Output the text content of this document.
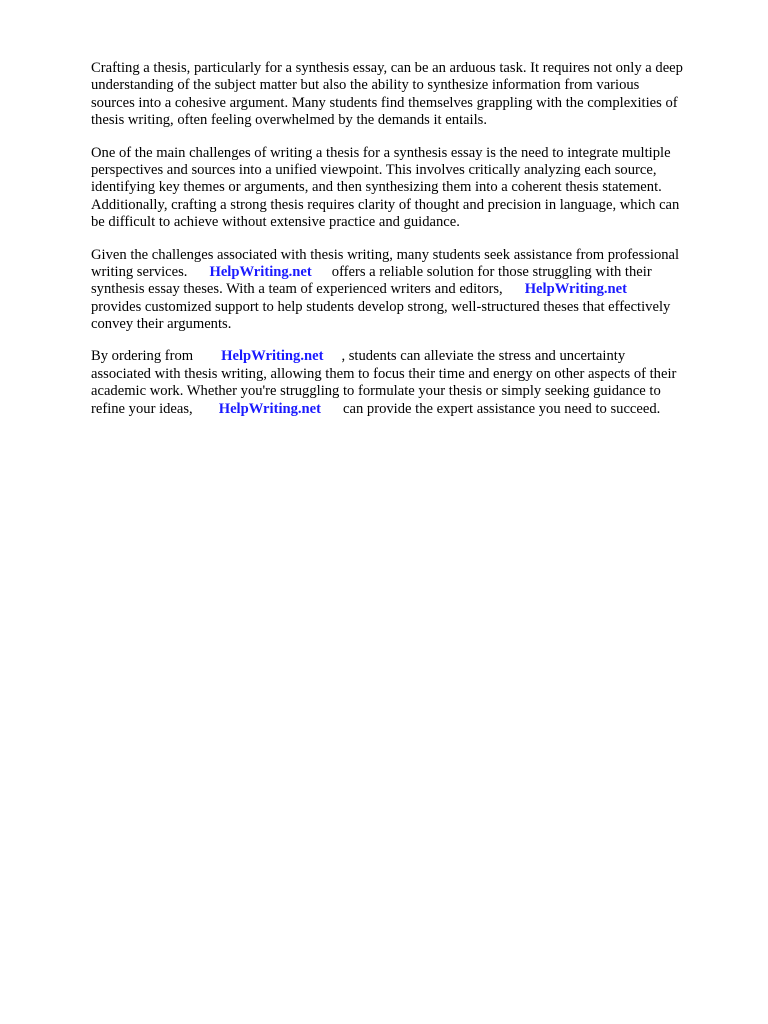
Crafting a thesis, particularly for a synthesis essay, can be an arduous task. It requires not only a deep
understanding of the subject matter but also the ability to synthesize information from various
sources into a cohesive argument. Many students find themselves grappling with the complexities of
thesis writing, often feeling overwhelmed by the demands it entails.

One of the main challenges of writing a thesis for a synthesis essay is the need to integrate multiple
perspectives and sources into a unified viewpoint. This involves critically analyzing each source,
identifying key themes or arguments, and then synthesizing them into a coherent thesis statement.
Additionally, crafting a strong thesis requires clarity of thought and precision in language, which can
be difficult to achieve without extensive practice and guidance.

Given the challenges associated with thesis writing, many students seek assistance from professional
writing services. HelpWriting.net offers a reliable solution for those struggling with their
synthesis essay theses. With a team of experienced writers and editors, HelpWriting.net
provides customized support to help students develop strong, well-structured theses that effectively
convey their arguments.

By ordering from HelpWriting.net , students can alleviate the stress and uncertainty
associated with thesis writing, allowing them to focus their time and energy on other aspects of their
academic work. Whether you're struggling to formulate your thesis or simply seeking guidance to
refine your ideas, HelpWriting.net can provide the expert assistance you need to succeed.
